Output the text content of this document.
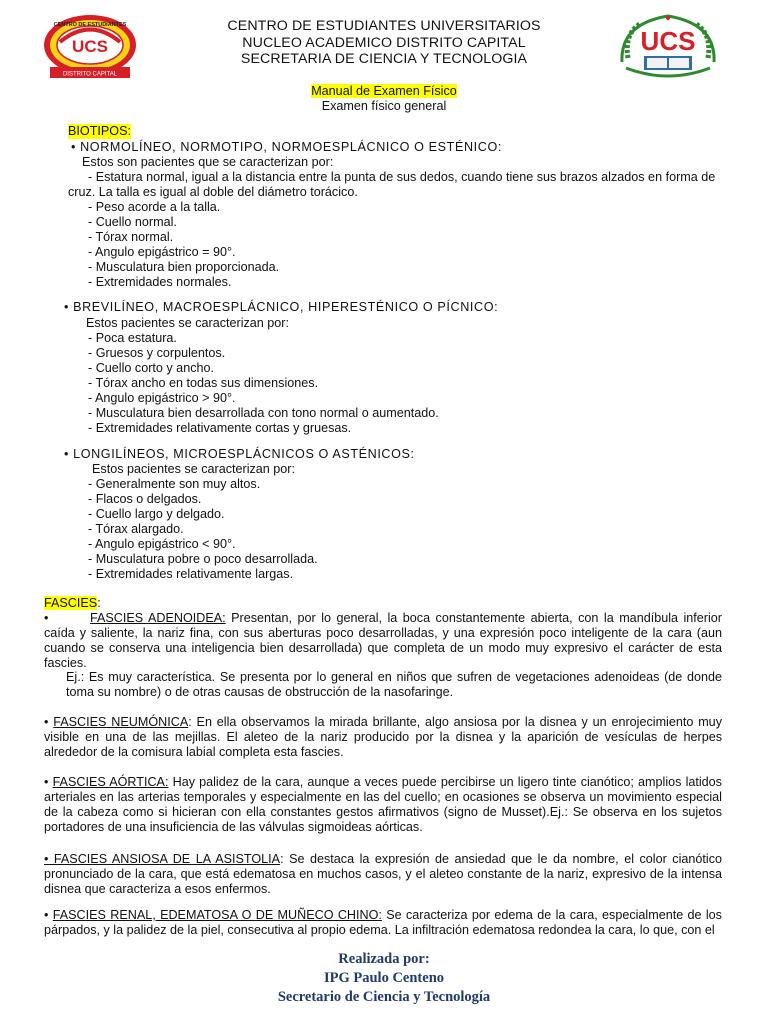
UCS
DISTRITO CAPITAL
CENTRO DE ESTUDIANTES
UCS
CENTRO DE ESTUDIANTES UNIVERSITARIOS
NUCLEO ACADEMICO DISTRITO CAPITAL
SECRETARIA DE CIENCIA Y TECNOLOGIA
Manual de Examen Físico
Examen físico general
BIOTIPOS:
• NORMOLÍNEO, NORMOTIPO, NORMOESPLÁCNICO O ESTÉNICO:
Estos son pacientes que se caracterizan por:
- Estatura normal, igual a la distancia entre la punta de sus dedos, cuando tiene sus brazos alzados en forma de
cruz. La talla es igual al doble del diámetro torácico.
- Peso acorde a la talla.
- Cuello normal.
- Tórax normal.
- Angulo epigástrico = 90°.
- Musculatura bien proporcionada.
- Extremidades normales.
• BREVILÍNEO, MACROESPLÁCNICO, HIPERESTÉNICO O PÍCNICO:
Estos pacientes se caracterizan por:
- Poca estatura.
- Gruesos y corpulentos.
- Cuello corto y ancho.
- Tórax ancho en todas sus dimensiones.
- Angulo epigástrico > 90°.
- Musculatura bien desarrollada con tono normal o aumentado.
- Extremidades relativamente cortas y gruesas.
• LONGILÍNEOS, MICROESPLÁCNICOS O ASTÉNICOS:
Estos pacientes se caracterizan por:
- Generalmente son muy altos.
- Flacos o delgados.
- Cuello largo y delgado.
- Tórax alargado.
- Angulo epigástrico < 90°.
- Musculatura pobre o poco desarrollada.
- Extremidades relativamente largas.
FASCIES:
•	FASCIES ADENOIDEA: Presentan, por lo general, la boca constantemente abierta, con la mandíbula inferior caída y saliente, la nariz fina, con sus aberturas poco desarrolladas, y una expresión poco inteligente de la cara (aun cuando se conserva una inteligencia bien desarrollada) que completa de un modo muy expresivo el carácter de esta fascies.
Ej.: Es muy característica. Se presenta por lo general en niños que sufren de vegetaciones adenoideas (de donde toma su nombre) o de otras causas de obstrucción de la nasofaringe.
• FASCIES NEUMÓNICA: En ella observamos la mirada brillante, algo ansiosa por la disnea y un enrojecimiento muy visible en una de las mejillas. El aleteo de la nariz producido por la disnea y la aparición de vesículas de herpes alrededor de la comisura labial completa esta fascies.
• FASCIES AÓRTICA: Hay palidez de la cara, aunque a veces puede percibirse un ligero tinte cianótico; amplios latidos arteriales en las arterias temporales y especialmente en las del cuello; en ocasiones se observa un movimiento especial de la cabeza como si hicieran con ella constantes gestos afirmativos (signo de Musset).Ej.: Se observa en los sujetos portadores de una insuficiencia de las válvulas sigmoideas aórticas.
• FASCIES ANSIOSA DE LA ASISTOLIA: Se destaca la expresión de ansiedad que le da nombre, el color cianótico pronunciado de la cara, que está edematosa en muchos casos, y el aleteo constante de la nariz, expresivo de la intensa disnea que caracteriza a esos enfermos.
• FASCIES RENAL, EDEMATOSA O DE MUÑECO CHINO: Se caracteriza por edema de la cara, especialmente de los párpados, y la palidez de la piel, consecutiva al propio edema. La infiltración edematosa redondea la cara, lo que, con el
Realizada por:
IPG Paulo Centeno
Secretario de Ciencia y Tecnología
